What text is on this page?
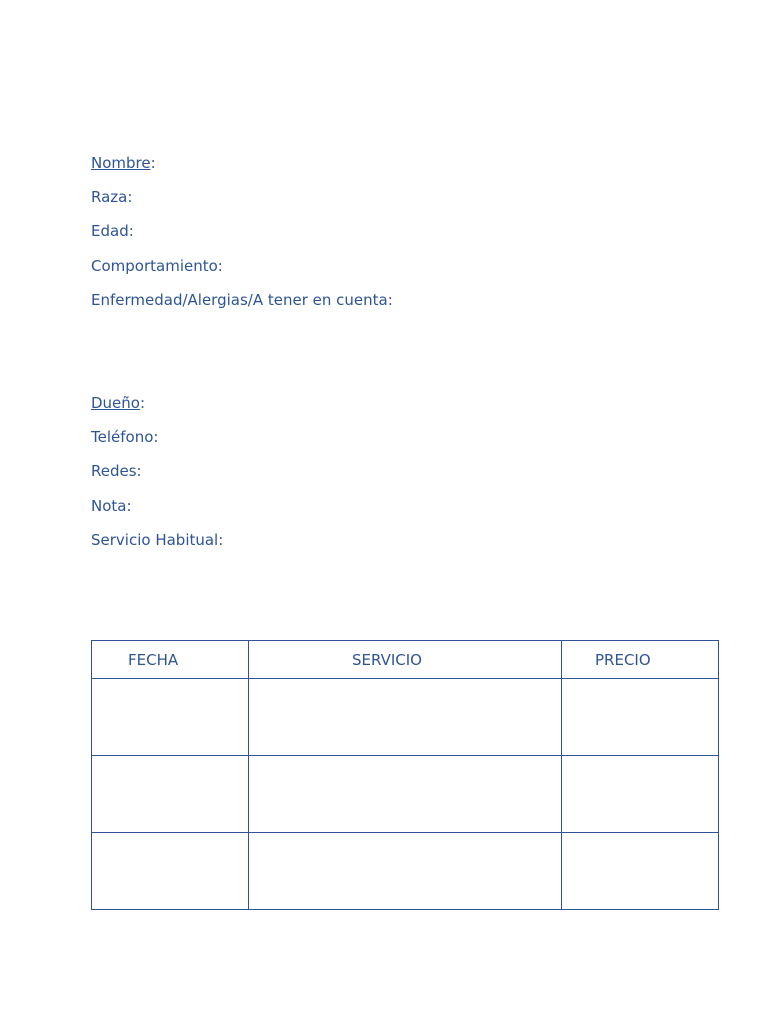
Nombre:
Raza:
Edad:
Comportamiento:
Enfermedad/Alergias/A tener en cuenta:
Dueño:
Teléfono:
Redes:
Nota:
Servicio Habitual:
FECHA	SERVICIO	PRECIO
